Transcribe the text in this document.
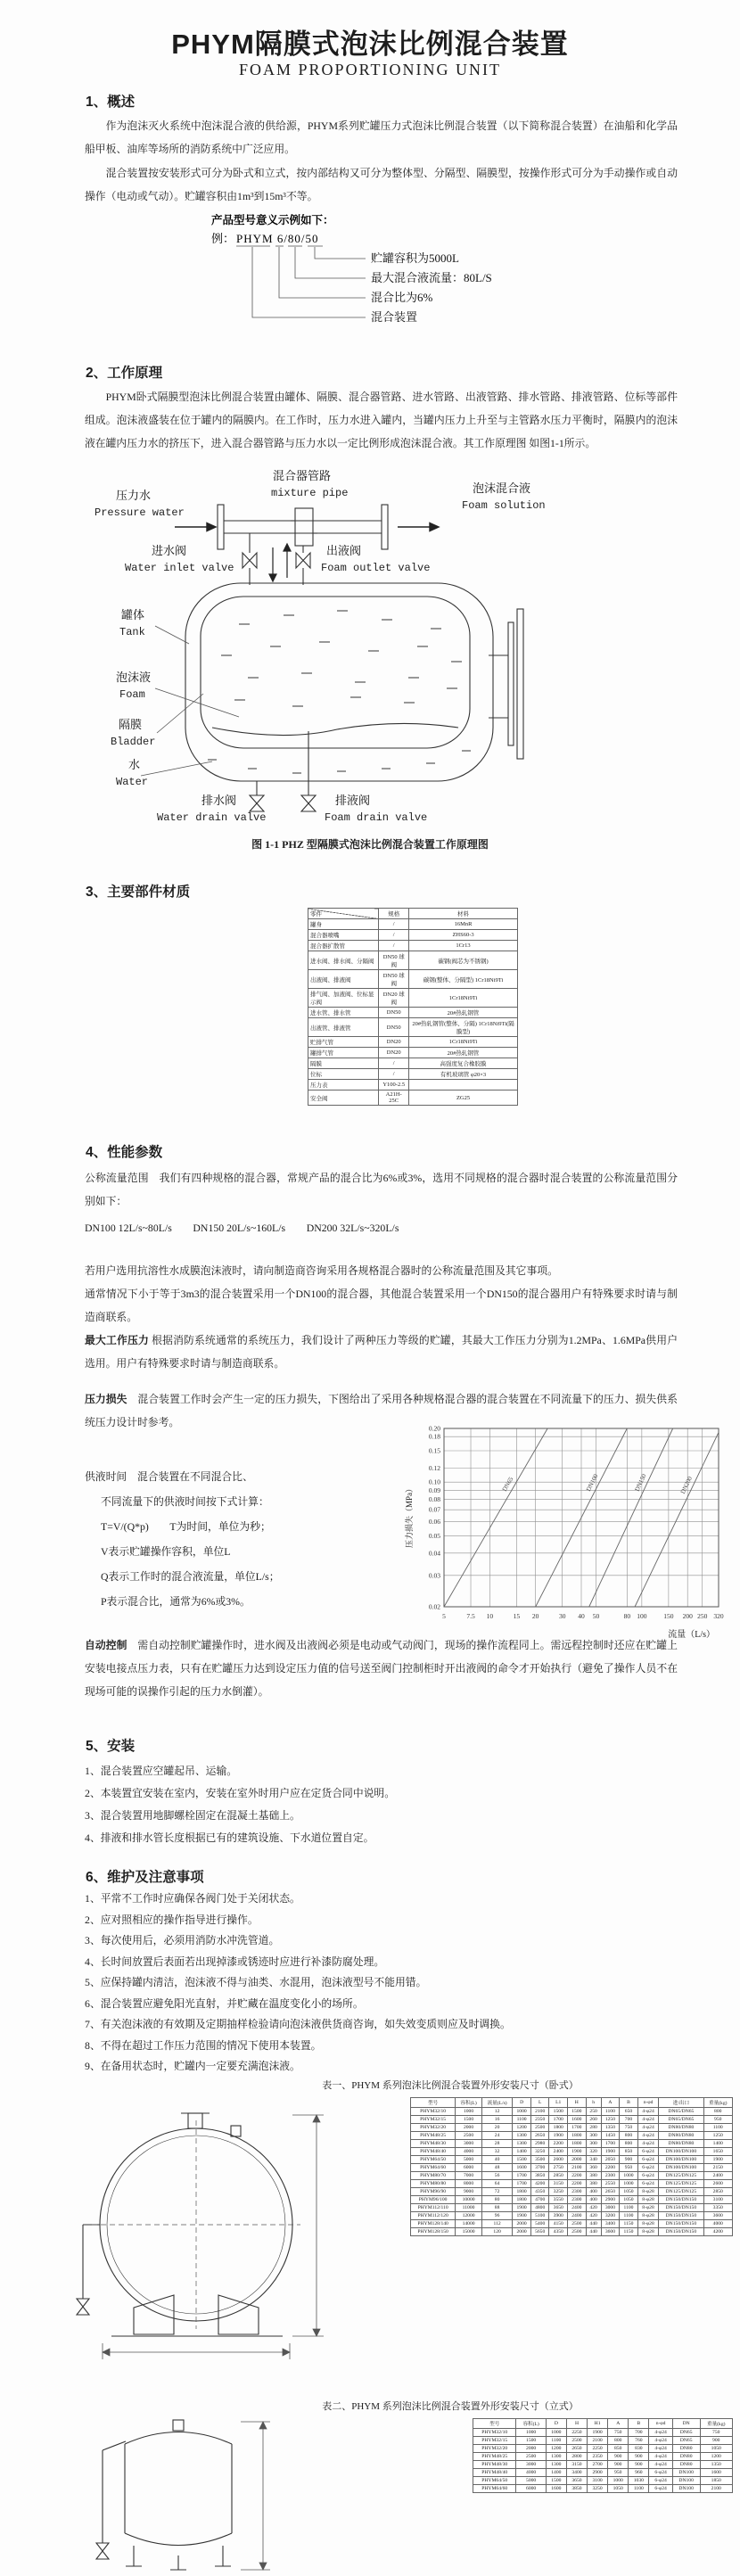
PHYM隔膜式泡沫比例混合装置
FOAM PROPORTIONING UNIT
1、概述
作为泡沫灭火系统中泡沫混合液的供给源，PHYM系列贮罐压力式泡沫比例混合装置（以下简称混合装置）在油船和化学品船甲板、油库等场所的消防系统中广泛应用。
混合装置按安装形式可分为卧式和立式，按内部结构又可分为整体型、分隔型、隔膜型，按操作形式可分为手动操作或自动操作（电动或气动）。贮罐容积由1m³到15m³不等。
产品型号意义示例如下：
例： PHYM 6/80/50
贮罐容积为5000L
最大混合液流量：80L/S
混合比为6%
混合装置
2、工作原理
PHYM卧式隔膜型泡沫比例混合装置由罐体、隔膜、混合器管路、进水管路、出液管路、排水管路、排液管路、位标等部件组成。泡沫液盛装在位于罐内的隔膜内。在工作时，压力水进入罐内，当罐内压力上升至与主管路水压力平衡时，隔膜内的泡沫液在罐内压力水的挤压下，进入混合器管路与压力水以一定比例形成泡沫混合液。其工作原理图 如图1-1所示。
压力水
Pressure water
混合器管路
mixture pipe	泡沫混合液
Foam solution
进水阀
Water inlet valve
出液阀
Foam outlet valve
罐体
Tank
泡沫液
Foam
隔膜
Bladder
水
Water
排水阀
Water drain valve
排液阀
Foam drain valve
图 1-1 PHZ 型隔膜式泡沫比例混合装置工作原理图
3、主要部件材质
零件	规格	材料
罐身	/	16MnR
混合器喷嘴	/	ZHS60-3
混合器扩散管	/	1Cr13
进水阀、排水阀、分隔阀	DN50 球阀	碳钢(阀芯为不锈钢)
出液阀、排液阀	DN50 球阀	碳钢(整体、分隔型) 1Cr18Ni9Ti
排气阀、加液阀、位标显示阀	DN20 球阀	1Cr18Ni9Ti
进水管、排水管	DN50	20#热轧钢管
出液管、排液管	DN50	20#热轧钢管(整体、分隔) 1Cr18Ni9Ti(隔膜型)
贮排气管	DN20	1Cr18Ni9Ti
罐排气管	DN20	20#热轧钢管
隔膜	/	高强度复合橡胶膜
位标	/	有机玻璃管 φ20×3
压力表	Y100-2.5	
安全阀	A21H-25C	ZG25
4、性能参数
公称流量范围　我们有四种规格的混合器，常规产品的混合比为6%或3%，选用不同规格的混合器时混合装置的公称流量范围分别如下：
DN100 12L/s~80L/s　　DN150 20L/s~160L/s　　DN200 32L/s~320L/s
若用户选用抗溶性水成膜泡沫液时，请向制造商咨询采用各规格混合器时的公称流量范围及其它事项。
通常情况下小于等于3m3的混合装置采用一个DN100的混合器，其他混合装置采用一个DN150的混合器用户有特殊要求时请与制造商联系。
最大工作压力 根据消防系统通常的系统压力，我们设计了两种压力等级的贮罐，其最大工作压力分别为1.2MPa、1.6MPa供用户选用。用户有特殊要求时请与制造商联系。
压力损失　混合装置工作时会产生一定的压力损失，下图给出了采用各种规格混合器的混合装置在不同流量下的压力、损失供系统压力设计时参考。
供液时间　混合装置在不同混合比、
不同流量下的供液时间按下式计算：
T=V/(Q*p)　　T为时间，单位为秒；
V表示贮罐操作容积，单位L
Q表示工作时的混合液流量，单位L/s；
P表示混合比，通常为6%或3%。
5	7.5 10	15 20	30 40 50	80 100	150 200 250 320
0.02
0.03
0.04
0.05
0.06
0.07
0.08
0.09
0.10
0.12
0.15
0.18
0.20
DN65	DN100	DN150	DN200
压力损失（MPa）
流量（L/s）
自动控制　需自动控制贮罐操作时，进水阀及出液阀必须是电动或气动阀门，现场的操作流程同上。需远程控制时还应在贮罐上安装电接点压力表，只有在贮罐压力达到设定压力值的信号送至阀门控制柜时开出液阀的命令才开始执行（避免了操作人员不在现场可能的误操作引起的压力水倒灌）。
5、安装
1、混合装置应空罐起吊、运输。
2、本装置宜安装在室内，安装在室外时用户应在定货合同中说明。
3、混合装置用地脚螺栓固定在混凝土基础上。
4、排液和排水管长度根据已有的建筑设施、下水道位置自定。
6、维护及注意事项
1、平常不工作时应确保各阀门处于关闭状态。
2、应对照相应的操作指导进行操作。
3、每次使用后，必须用消防水冲洗管道。
4、长时间放置后表面若出现掉漆或锈迹时应进行补漆防腐处理。
5、应保持罐内清洁，泡沫液不得与油类、水混用，泡沫液型号不能用错。
6、混合装置应避免阳光直射，并贮藏在温度变化小的场所。
7、有关泡沫液的有效期及定期抽样检验请向泡沫液供货商咨询，如失效变质则应及时调换。
8、不得在超过工作压力范围的情况下使用本装置。
9、在备用状态时，贮罐内一定要充满泡沫液。
表一、PHYM 系列泡沫比例混合装置外形安装尺寸（卧式）
型号	容积(L)	流量(L/s)	D	L	L1	H	h	A	B	n-φd	进/出口	重量(kg)
PHYM32/10	1000	12	1000	2100	1500	1500	250	1100	650	4-φ24	DN65/DN65	800
PHYM32/15	1500	16	1100	2350	1700	1600	260	1250	700	4-φ24	DN65/DN65	950
PHYM32/20	2000	20	1200	2500	1800	1700	280	1350	750	4-φ24	DN80/DN80	1100
PHYM48/25	2500	24	1300	2650	1900	1800	300	1450	800	4-φ24	DN80/DN80	1250
PHYM48/30	3000	28	1300	2980	2200	1800	300	1700	800	4-φ24	DN80/DN80	1400
PHYM48/40	4000	32	1400	3250	2400	1900	320	1900	850	6-φ24	DN100/DN100	1650
PHYM64/50	5000	40	1500	3500	2600	2000	340	2050	900	6-φ24	DN100/DN100	1900
PHYM64/60	6000	48	1600	3700	2750	2100	360	2200	950	6-φ24	DN100/DN100	2150
PHYM80/70	7000	56	1700	3850	2850	2200	380	2300	1000	6-φ24	DN125/DN125	2400
PHYM80/80	8000	64	1700	4200	3150	2200	380	2550	1000	6-φ24	DN125/DN125	2600
PHYM96/90	9000	72	1800	4350	3250	2300	400	2650	1050	8-φ28	DN125/DN125	2850
PHYM96/100	10000	80	1800	4700	3550	2300	400	2900	1050	8-φ28	DN150/DN150	3100
PHYM112/110	11000	88	1900	4800	3650	2400	420	3000	1100	8-φ28	DN150/DN150	3350
PHYM112/120	12000	96	1900	5100	3900	2400	420	3200	1100	8-φ28	DN150/DN150	3600
PHYM128/140	14000	112	2000	5400	4150	2500	440	3400	1150	8-φ28	DN150/DN150	4000
PHYM128/150	15000	120	2000	5650	4350	2500	440	3600	1150	8-φ28	DN150/DN150	4200
表二、PHYM 系列泡沫比例混合装置外形安装尺寸（立式）
型号	容积(L)	D	H	H1	A	B	n-φd	DN	重量(kg)
PHYM32/10	1000	1000	2250	1900	750	700	4-φ24	DN65	750
PHYM32/15	1500	1100	2500	2100	800	760	4-φ24	DN65	900
PHYM32/20	2000	1200	2650	2250	850	830	4-φ24	DN80	1050
PHYM48/25	2500	1300	2800	2350	900	900	4-φ24	DN80	1200
PHYM48/30	3000	1300	3150	2700	900	900	4-φ24	DN80	1350
PHYM48/40	4000	1400	3400	2900	950	960	6-φ24	DN100	1600
PHYM64/50	5000	1500	3650	3100	1000	1030	6-φ24	DN100	1850
PHYM64/60	6000	1600	3850	3250	1050	1100	6-φ24	DN100	2100
